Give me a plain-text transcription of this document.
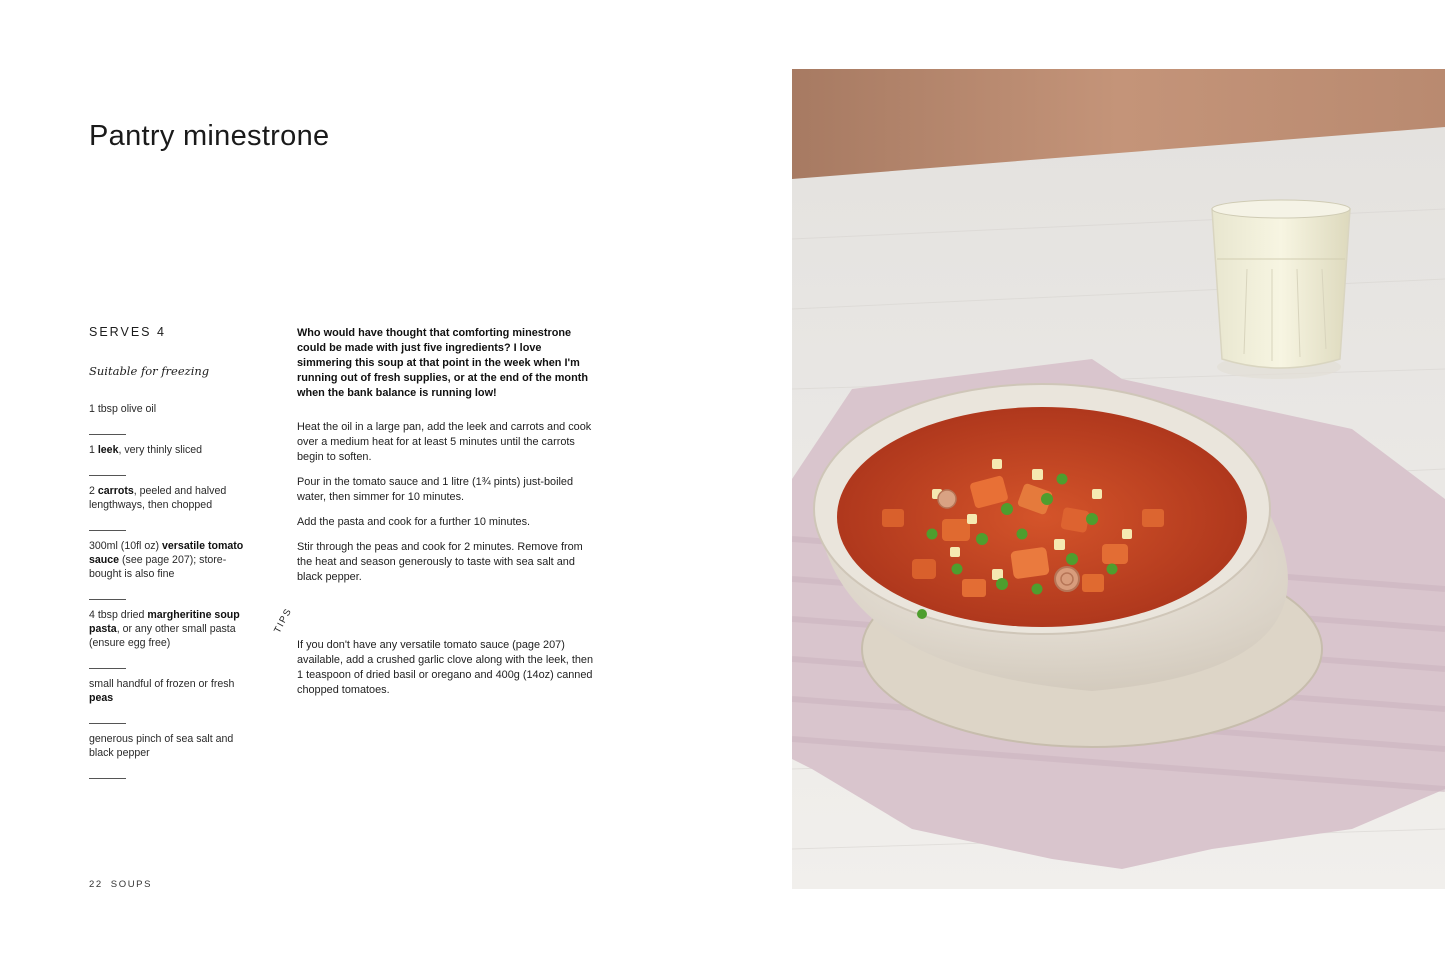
Pantry minestrone

SERVES 4

Suitable for freezing

1 tbsp olive oil
1 leek, very thinly sliced
2 carrots, peeled and halved lengthways, then chopped
300ml (10fl oz) versatile tomato sauce (see page 207); store-bought is also fine
4 tbsp dried margheritine soup pasta, or any other small pasta (ensure egg free)
small handful of frozen or fresh peas
generous pinch of sea salt and black pepper

Who would have thought that comforting minestrone could be made with just five ingredients? I love simmering this soup at that point in the week when I'm running out of fresh supplies, or at the end of the month when the bank balance is running low!

Heat the oil in a large pan, add the leek and carrots and cook over a medium heat for at least 5 minutes until the carrots begin to soften.

Pour in the tomato sauce and 1 litre (1¾ pints) just-boiled water, then simmer for 10 minutes.

Add the pasta and cook for a further 10 minutes.

Stir through the peas and cook for 2 minutes. Remove from the heat and season generously to taste with sea salt and black pepper.

TIPS

If you don't have any versatile tomato sauce (page 207) available, add a crushed garlic clove along with the leek, then 1 teaspoon of dried basil or oregano and 400g (14oz) canned chopped tomatoes.

22 SOUPS
